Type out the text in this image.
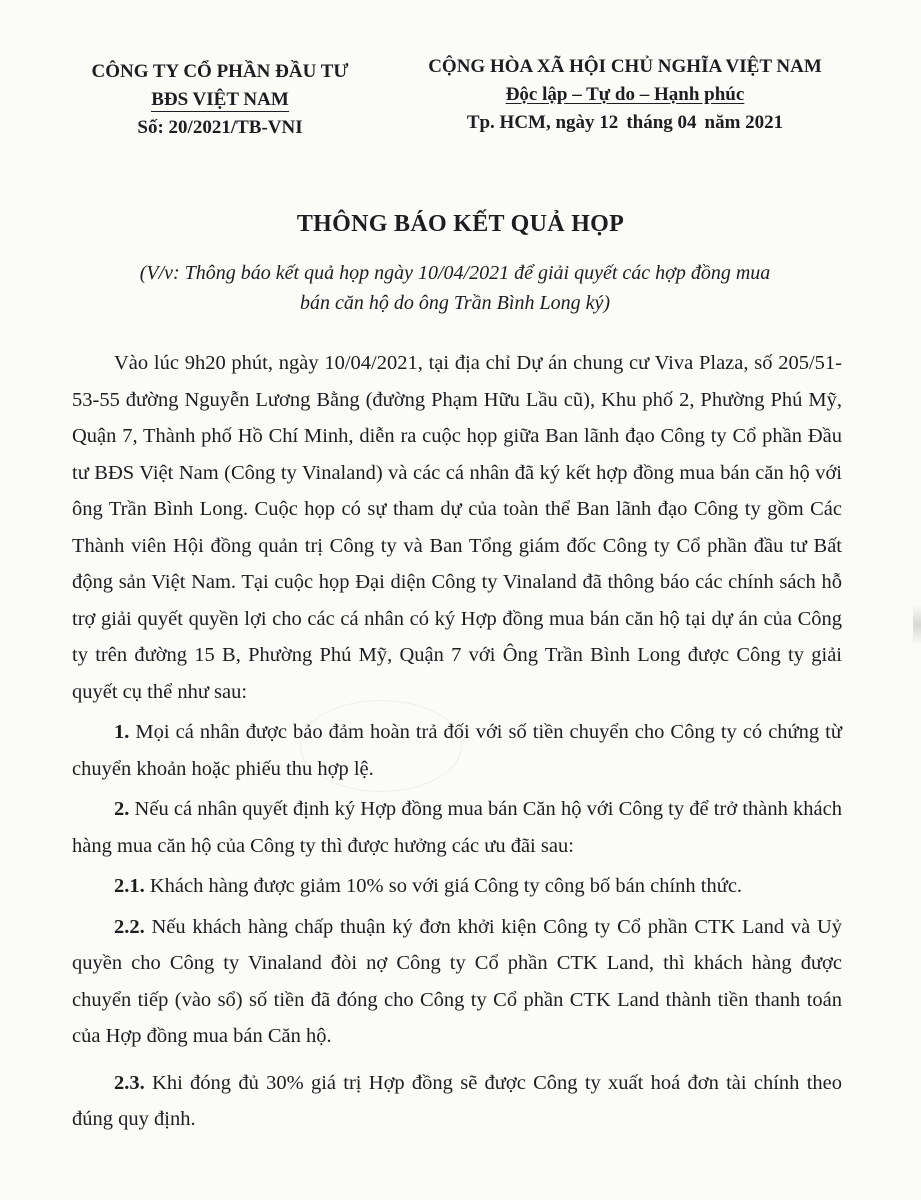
CÔNG TY CỔ PHẦN ĐẦU TƯ
BĐS VIỆT NAM
Số: 20/2021/TB-VNI
CỘNG HÒA XÃ HỘI CHỦ NGHĨA VIỆT NAM
Độc lập – Tự do – Hạnh phúc
Tp. HCM, ngày 12 tháng 04 năm 2021
THÔNG BÁO KẾT QUẢ HỌP
(V/v: Thông báo kết quả họp ngày 10/04/2021 để giải quyết các hợp đồng mua
bán căn hộ do ông Trần Bình Long ký)

Vào lúc 9h20 phút, ngày 10/04/2021, tại địa chỉ Dự án chung cư Viva Plaza, số 205/51-53-55 đường Nguyễn Lương Bằng (đường Phạm Hữu Lầu cũ), Khu phố 2, Phường Phú Mỹ, Quận 7, Thành phố Hồ Chí Minh, diễn ra cuộc họp giữa Ban lãnh đạo Công ty Cổ phần Đầu tư BĐS Việt Nam (Công ty Vinaland) và các cá nhân đã ký kết hợp đồng mua bán căn hộ với ông Trần Bình Long. Cuộc họp có sự tham dự của toàn thể Ban lãnh đạo Công ty gồm Các Thành viên Hội đồng quản trị Công ty và Ban Tổng giám đốc Công ty Cổ phần đầu tư Bất động sản Việt Nam. Tại cuộc họp Đại diện Công ty Vinaland đã thông báo các chính sách hỗ trợ giải quyết quyền lợi cho các cá nhân có ký Hợp đồng mua bán căn hộ tại dự án của Công ty trên đường 15 B, Phường Phú Mỹ, Quận 7 với Ông Trần Bình Long được Công ty giải quyết cụ thể như sau:

1. Mọi cá nhân được bảo đảm hoàn trả đối với số tiền chuyển cho Công ty có chứng từ chuyển khoản hoặc phiếu thu hợp lệ.

2. Nếu cá nhân quyết định ký Hợp đồng mua bán Căn hộ với Công ty để trở thành khách hàng mua căn hộ của Công ty thì được hưởng các ưu đãi sau:

2.1. Khách hàng được giảm 10% so với giá Công ty công bố bán chính thức.

2.2. Nếu khách hàng chấp thuận ký đơn khởi kiện Công ty Cổ phần CTK Land và Uỷ quyền cho Công ty Vinaland đòi nợ Công ty Cổ phần CTK Land, thì khách hàng được chuyển tiếp (vào sổ) số tiền đã đóng cho Công ty Cổ phần CTK Land thành tiền thanh toán của Hợp đồng mua bán Căn hộ.

2.3. Khi đóng đủ 30% giá trị Hợp đồng sẽ được Công ty xuất hoá đơn tài chính theo đúng quy định.
